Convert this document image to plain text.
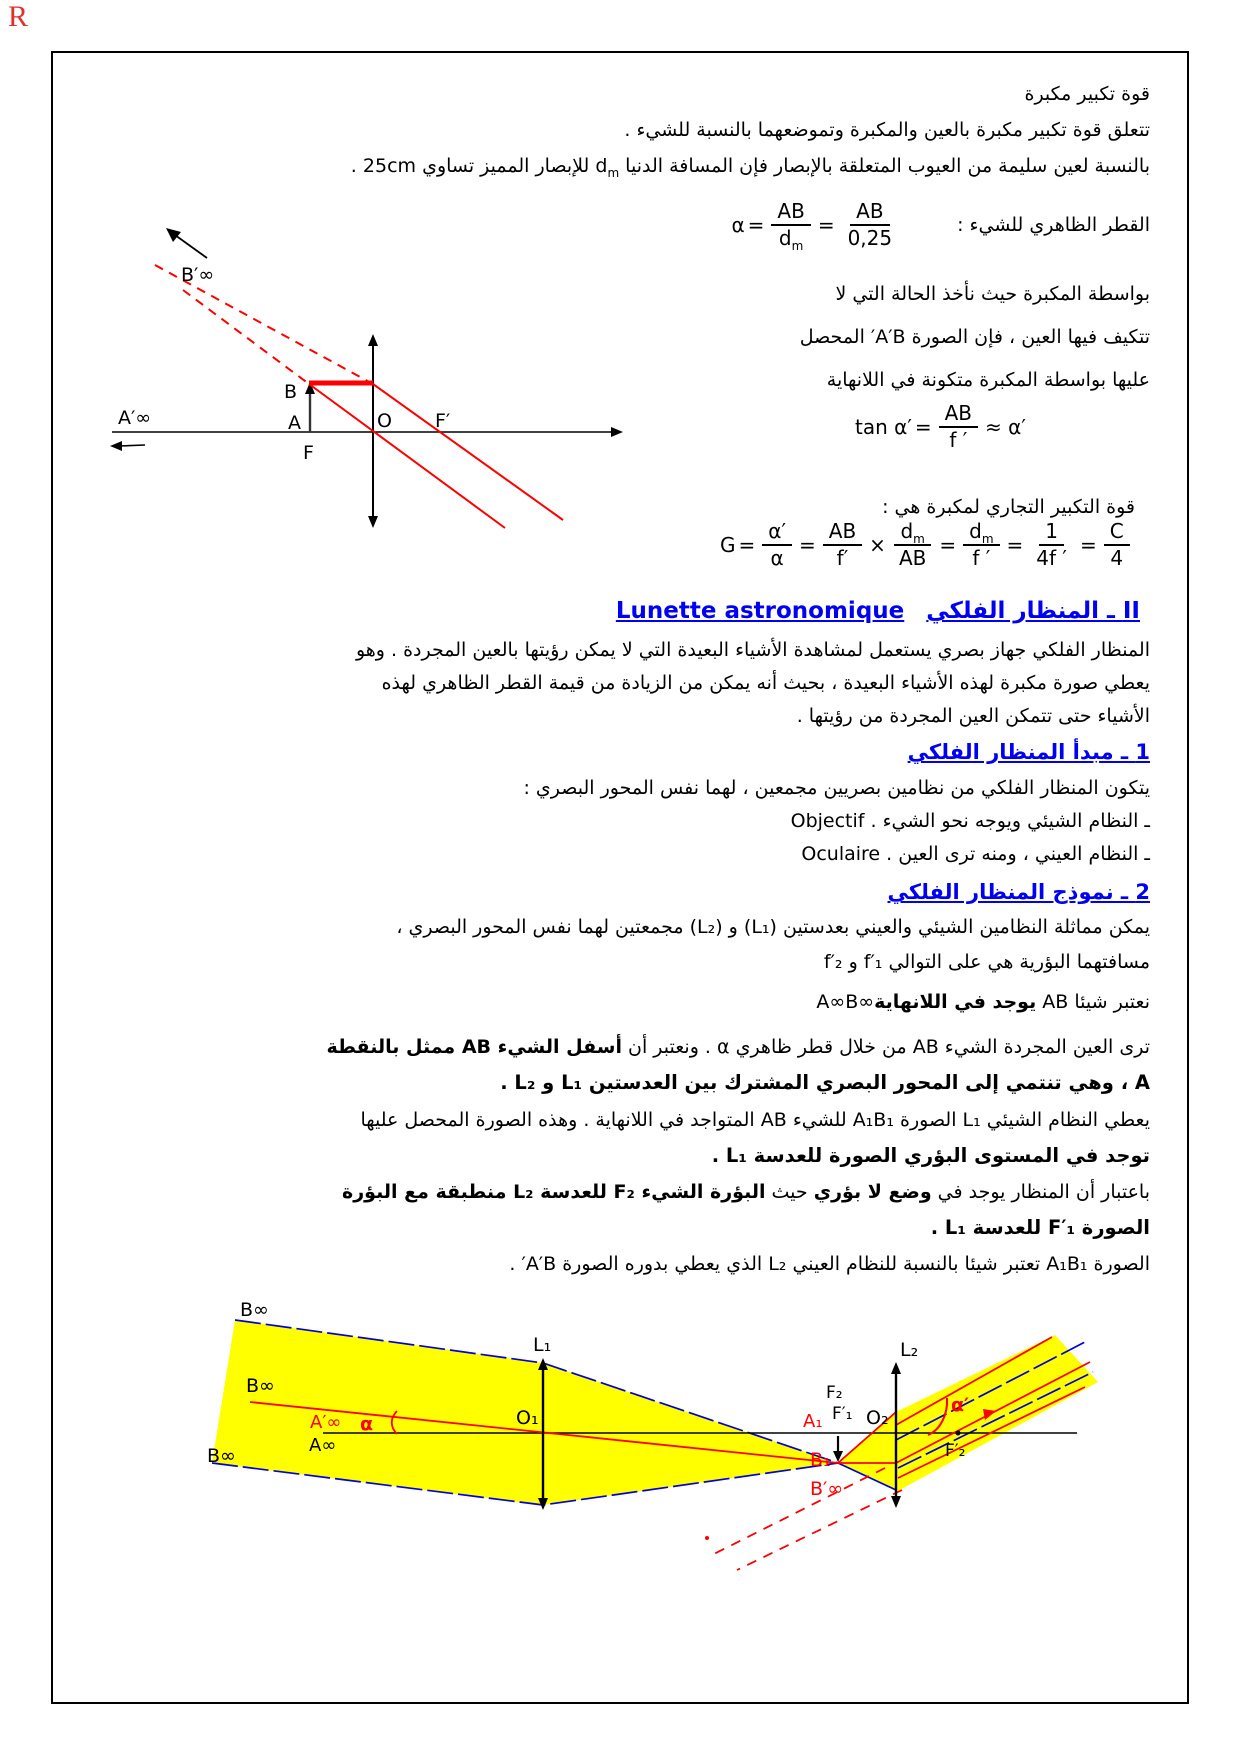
R
قوة تكبير مكبرة
تتعلق قوة تكبير مكبرة بالعين والمكبرة وتموضعهما بالنسبة للشيء .
بالنسبة لعين سليمة من العيوب المتعلقة بالإبصار فإن المسافة الدنيا $d_m$ للإبصار المميز تساوي 25cm .
القطر الظاهري للشيء :
$\alpha = \frac{AB}{d_m} = \frac{AB}{0,25}$
بواسطة المكبرة حيث نأخذ الحالة التي لا
تتكيف فيها العين ، فإن الصورة A′B′ المحصل
عليها بواسطة المكبرة متكونة في اللانهاية
$\tan \alpha' = \frac{AB}{f '} \approx \alpha'$
B′∞
A′∞
B
A
F
O F′
قوة التكبير التجاري لمكبرة هي :
$G = \frac{\alpha'}{\alpha} = \frac{AB}{f'} \times \frac{d_m}{AB} = \frac{d_m}{f '} = \frac{1}{4f '} = \frac{C}{4}$
II ـ المنظار الفلكيLunette astronomique
المنظار الفلكي جهاز بصري يستعمل لمشاهدة الأشياء البعيدة التي لا يمكن رؤيتها بالعين المجردة . وهو
يعطي صورة مكبرة لهذه الأشياء البعيدة ، بحيث أنه يمكن من الزيادة من قيمة القطر الظاهري لهذه
الأشياء حتى تتمكن العين المجردة من رؤيتها .
1 ـ مبدأ المنظار الفلكي
يتكون المنظار الفلكي من نظامين بصريين مجمعين ، لهما نفس المحور البصري :
ـ النظام الشيئي ويوجه نحو الشيء . Objectif
ـ النظام العيني ، ومنه ترى العين . Oculaire
2 ـ نموذج المنظار الفلكي
يمكن مماثلة النظامين الشيئي والعيني بعدستين (L₁) و (L₂) مجمعتين لهما نفس المحور البصري ،
مسافتهما البؤرية هي على التوالي f′₁ و f′₂
نعتبر شيئا AB يوجد في اللانهاية A∞B∞
ترى العين المجردة الشيء AB من خلال قطر ظاهري α . ونعتبر أن أسفل الشيء AB ممثل بالنقطة
A ، وهي تنتمي إلى المحور البصري المشترك بين العدستين L₁ و L₂ .
يعطي النظام الشيئي L₁ الصورة A₁B₁ للشيء AB المتواجد في اللانهاية . وهذه الصورة المحصل عليها
توجد في المستوى البؤري الصورة للعدسة L₁ .
باعتبار أن المنظار يوجد في وضع لا بؤري حيث البؤرة الشيء F₂ للعدسة L₂ منطبقة مع البؤرة
الصورة F′₁ للعدسة L₁ .
الصورة A₁B₁ تعتبر شيئا بالنسبة للنظام العيني L₂ الذي يعطي بدوره الصورة A′B′ .
B∞
B∞
B∞
A′∞
A∞
α
L₁
O₁
L₂
F₂
F′₁
A₁ O₂
B₁
B′∞
F′₂
α′
